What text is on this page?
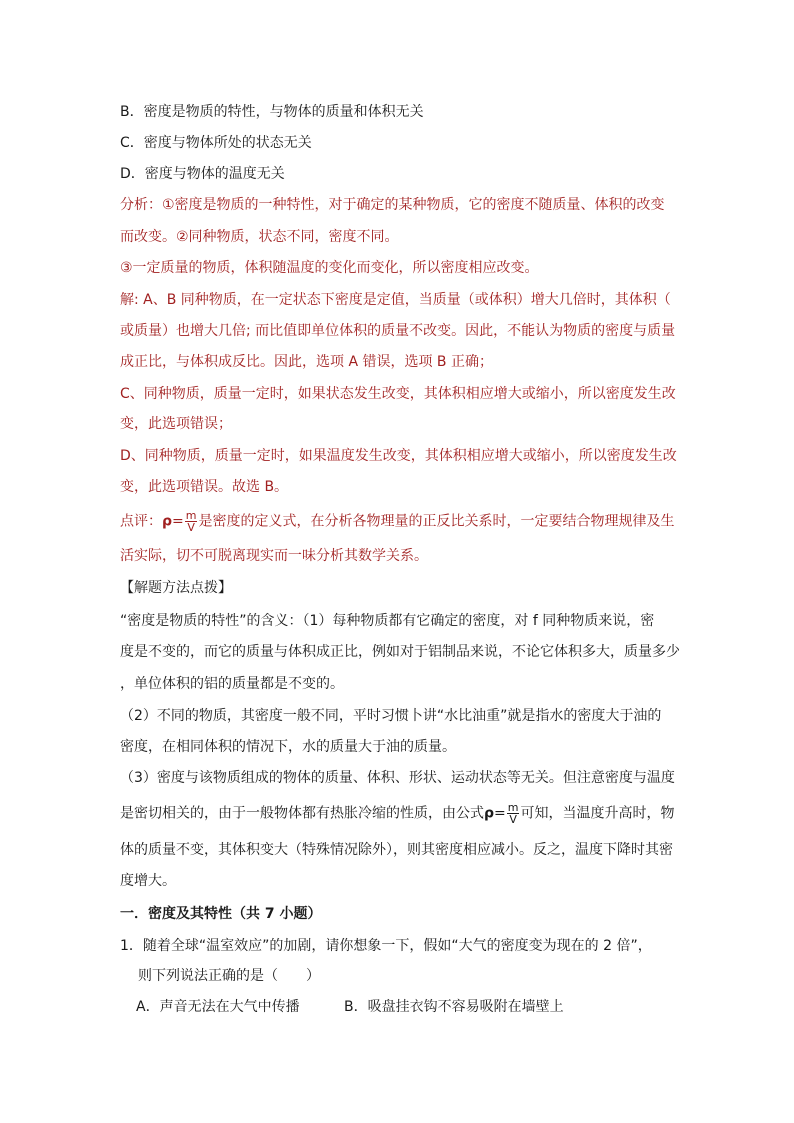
B．密度是物质的特性，与物体的质量和体积无关
C．密度与物体所处的状态无关
D．密度与物体的温度无关
分析：①密度是物质的一种特性，对于确定的某种物质，它的密度不随质量、体积的改变
而改变。②同种物质，状态不同，密度不同。
③一定质量的物质，体积随温度的变化而变化，所以密度相应改变。
解: A、B 同种物质，在一定状态下密度是定值，当质量（或体积）增大几倍时，其体积（
或质量）也增大几倍; 而比值即单位体积的质量不改变。因此，不能认为物质的密度与质量
成正比，与体积成反比。因此，选项 A 错误，选项 B 正确；
C、同种物质，质量一定时，如果状态发生改变，其体积相应增大或缩小，所以密度发生改
变，此选项错误；
D、同种物质，质量一定时，如果温度发生改变，其体积相应增大或缩小，所以密度发生改
变，此选项错误。故选 B。
点评：$\rho= \frac{m}{V}$ 是密度的定义式，在分析各物理量的正反比关系时，一定要结合物理规律及生
活实际，切不可脱离现实而一味分析其数学关系。
【解题方法点拨】
“密度是物质的特性”的含义：（1）每种物质都有它确定的密度，对 f 同种物质来说，密
度是不变的，而它的质量与体积成正比，例如对于铝制品来说，不论它体积多大，质量多少
，单位体积的铝的质量都是不变的。
（2）不同的物质，其密度一般不同，平时习惯卜讲“水比油重”就是指水的密度大于油的
密度，在相同体积的情况下，水的质量大于油的质量。
（3）密度与该物质组成的物体的质量、体积、形状、运动状态等无关。但注意密度与温度
是密切相关的，由于一般物体都有热胀冷缩的性质，由公式$\rho= \frac{m}{V}$ 可知，当温度升高时，物
体的质量不变，其体积变大（特殊情况除外），则其密度相应减小。反之，温度下降时其密
度增大。
一．密度及其特性（共 7 小题）
1．随着全球“温室效应”的加剧，请你想象一下，假如“大气的密度变为现在的 2 倍”，
则下列说法正确的是（　　）
A．声音无法在大气中传播	B．吸盘挂衣钩不容易吸附在墙壁上
